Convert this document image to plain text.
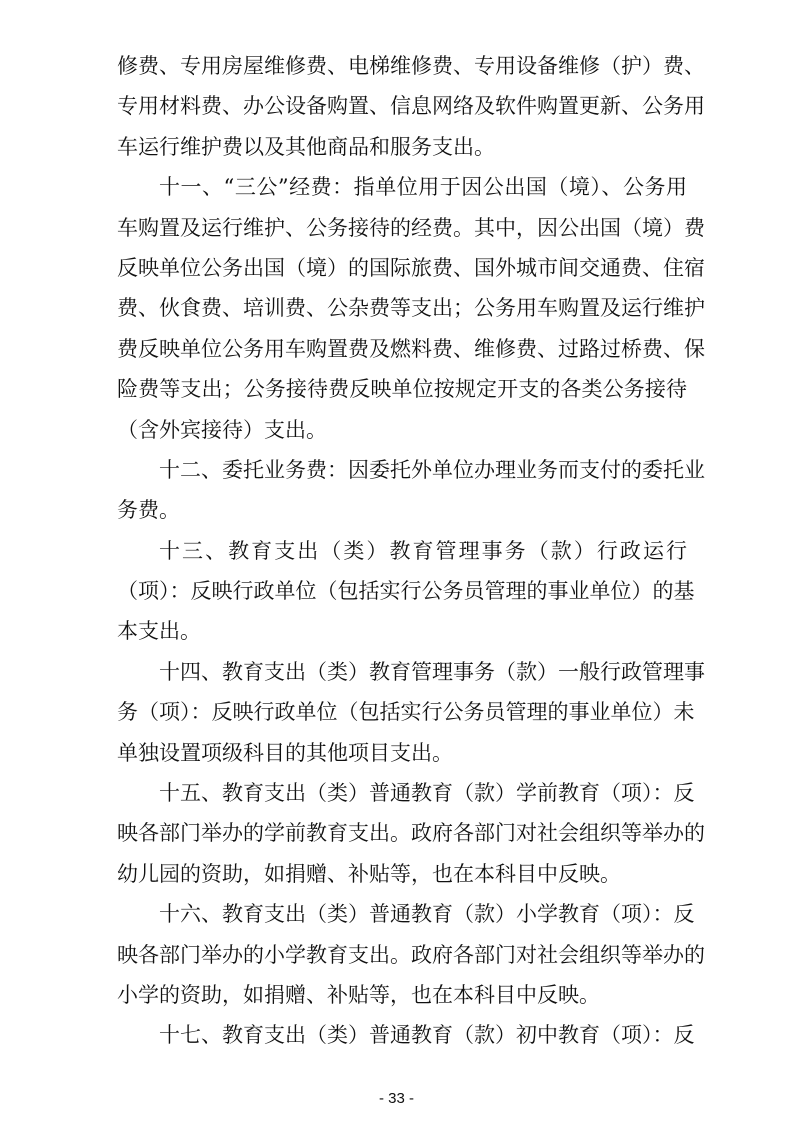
修费、专用房屋维修费、电梯维修费、专用设备维修（护）费、
专用材料费、办公设备购置、信息网络及软件购置更新、公务用
车运行维护费以及其他商品和服务支出。
十一、“三公”经费：指单位用于因公出国（境）、公务用
车购置及运行维护、公务接待的经费。其中，因公出国（境）费
反映单位公务出国（境）的国际旅费、国外城市间交通费、住宿
费、伙食费、培训费、公杂费等支出；公务用车购置及运行维护
费反映单位公务用车购置费及燃料费、维修费、过路过桥费、保
险费等支出；公务接待费反映单位按规定开支的各类公务接待
（含外宾接待）支出。
十二、委托业务费：因委托外单位办理业务而支付的委托业
务费。
十三、教育支出（类）教育管理事务（款）行政运行
（项）：反映行政单位（包括实行公务员管理的事业单位）的基
本支出。
十四、教育支出（类）教育管理事务（款）一般行政管理事
务（项）：反映行政单位（包括实行公务员管理的事业单位）未
单独设置项级科目的其他项目支出。
十五、教育支出（类）普通教育（款）学前教育（项）：反
映各部门举办的学前教育支出。政府各部门对社会组织等举办的
幼儿园的资助，如捐赠、补贴等，也在本科目中反映。
十六、教育支出（类）普通教育（款）小学教育（项）：反
映各部门举办的小学教育支出。政府各部门对社会组织等举办的
小学的资助，如捐赠、补贴等，也在本科目中反映。
十七、教育支出（类）普通教育（款）初中教育（项）：反
- 33 -
